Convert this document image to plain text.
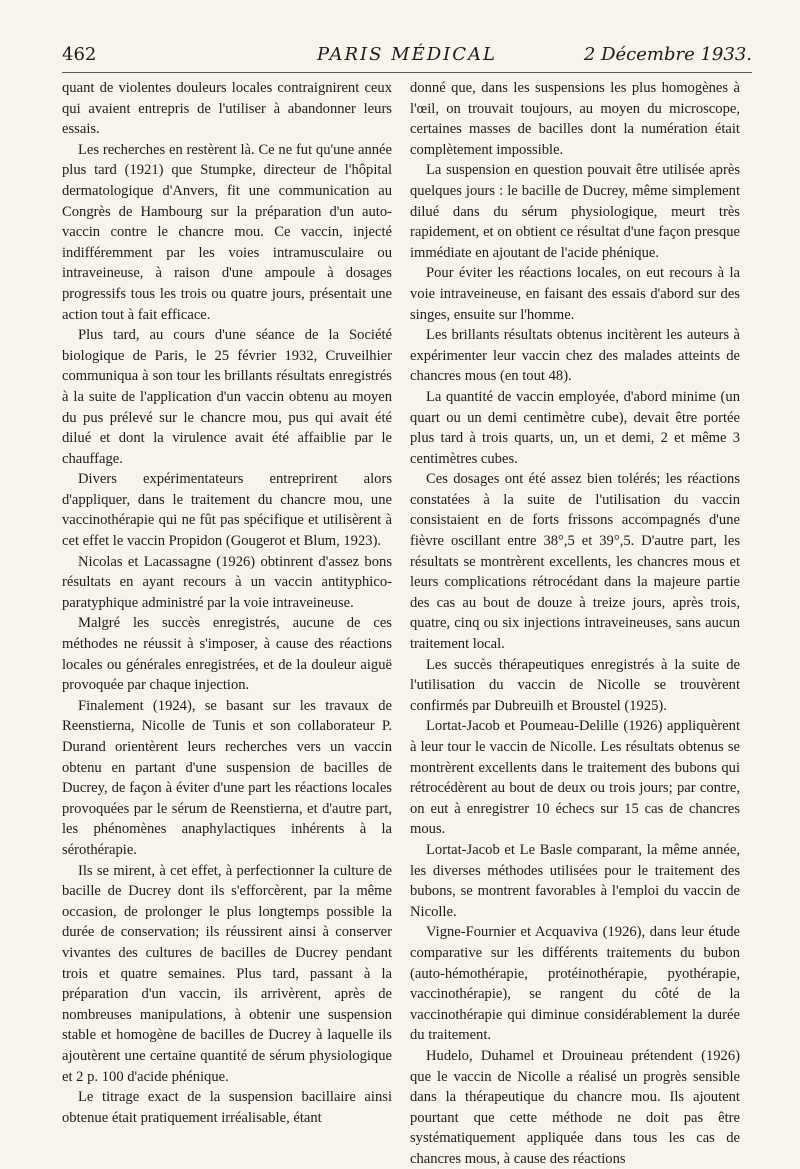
462	PARIS MÉDICAL	2 Décembre 1933.

quant de violentes douleurs locales contraignirent ceux qui avaient entrepris de l'utiliser à abandonner leurs essais.

Les recherches en restèrent là. Ce ne fut qu'une année plus tard (1921) que Stumpke, directeur de l'hôpital dermatologique d'Anvers, fit une communication au Congrès de Hambourg sur la préparation d'un auto-vaccin contre le chancre mou. Ce vaccin, injecté indifféremment par les voies intramusculaire ou intraveineuse, à raison d'une ampoule à dosages progressifs tous les trois ou quatre jours, présentait une action tout à fait efficace.

Plus tard, au cours d'une séance de la Société biologique de Paris, le 25 février 1932, Cruveilhier communiqua à son tour les brillants résultats enregistrés à la suite de l'application d'un vaccin obtenu au moyen du pus prélevé sur le chancre mou, pus qui avait été dilué et dont la virulence avait été affaiblie par le chauffage.

Divers expérimentateurs entreprirent alors d'appliquer, dans le traitement du chancre mou, une vaccinothérapie qui ne fût pas spécifique et utilisèrent à cet effet le vaccin Propidon (Gougerot et Blum, 1923).

Nicolas et Lacassagne (1926) obtinrent d'assez bons résultats en ayant recours à un vaccin antityphico-paratyphique administré par la voie intraveineuse.

Malgré les succès enregistrés, aucune de ces méthodes ne réussit à s'imposer, à cause des réactions locales ou générales enregistrées, et de la douleur aiguë provoquée par chaque injection.

Finalement (1924), se basant sur les travaux de Reenstierna, Nicolle de Tunis et son collaborateur P. Durand orientèrent leurs recherches vers un vaccin obtenu en partant d'une suspension de bacilles de Ducrey, de façon à éviter d'une part les réactions locales provoquées par le sérum de Reenstierna, et d'autre part, les phénomènes anaphylactiques inhérents à la sérothérapie.

Ils se mirent, à cet effet, à perfectionner la culture de bacille de Ducrey dont ils s'efforcèrent, par la même occasion, de prolonger le plus longtemps possible la durée de conservation; ils réussirent ainsi à conserver vivantes des cultures de bacilles de Ducrey pendant trois et quatre semaines. Plus tard, passant à la préparation d'un vaccin, ils arrivèrent, après de nombreuses manipulations, à obtenir une suspension stable et homogène de bacilles de Ducrey à laquelle ils ajoutèrent une certaine quantité de sérum physiologique et 2 p. 100 d'acide phénique.

Le titrage exact de la suspension bacillaire ainsi obtenue était pratiquement irréalisable, étant

donné que, dans les suspensions les plus homogènes à l'œil, on trouvait toujours, au moyen du microscope, certaines masses de bacilles dont la numération était complètement impossible.

La suspension en question pouvait être utilisée après quelques jours : le bacille de Ducrey, même simplement dilué dans du sérum physiologique, meurt très rapidement, et on obtient ce résultat d'une façon presque immédiate en ajoutant de l'acide phénique.

Pour éviter les réactions locales, on eut recours à la voie intraveineuse, en faisant des essais d'abord sur des singes, ensuite sur l'homme.

Les brillants résultats obtenus incitèrent les auteurs à expérimenter leur vaccin chez des malades atteints de chancres mous (en tout 48).

La quantité de vaccin employée, d'abord minime (un quart ou un demi centimètre cube), devait être portée plus tard à trois quarts, un, un et demi, 2 et même 3 centimètres cubes.

Ces dosages ont été assez bien tolérés; les réactions constatées à la suite de l'utilisation du vaccin consistaient en de forts frissons accompagnés d'une fièvre oscillant entre 38°,5 et 39°,5. D'autre part, les résultats se montrèrent excellents, les chancres mous et leurs complications rétrocédant dans la majeure partie des cas au bout de douze à treize jours, après trois, quatre, cinq ou six injections intraveineuses, sans aucun traitement local.

Les succès thérapeutiques enregistrés à la suite de l'utilisation du vaccin de Nicolle se trouvèrent confirmés par Dubreuilh et Broustel (1925).

Lortat-Jacob et Poumeau-Delille (1926) appliquèrent à leur tour le vaccin de Nicolle. Les résultats obtenus se montrèrent excellents dans le traitement des bubons qui rétrocédèrent au bout de deux ou trois jours; par contre, on eut à enregistrer 10 échecs sur 15 cas de chancres mous.

Lortat-Jacob et Le Basle comparant, la même année, les diverses méthodes utilisées pour le traitement des bubons, se montrent favorables à l'emploi du vaccin de Nicolle.

Vigne-Fournier et Acquaviva (1926), dans leur étude comparative sur les différents traitements du bubon (auto-hémothérapie, protéinothérapie, pyothérapie, vaccinothérapie), se rangent du côté de la vaccinothérapie qui diminue considérablement la durée du traitement.

Hudelo, Duhamel et Drouineau prétendent (1926) que le vaccin de Nicolle a réalisé un progrès sensible dans la thérapeutique du chancre mou. Ils ajoutent pourtant que cette méthode ne doit pas être systématiquement appliquée dans tous les cas de chancres mous, à cause des réactions
